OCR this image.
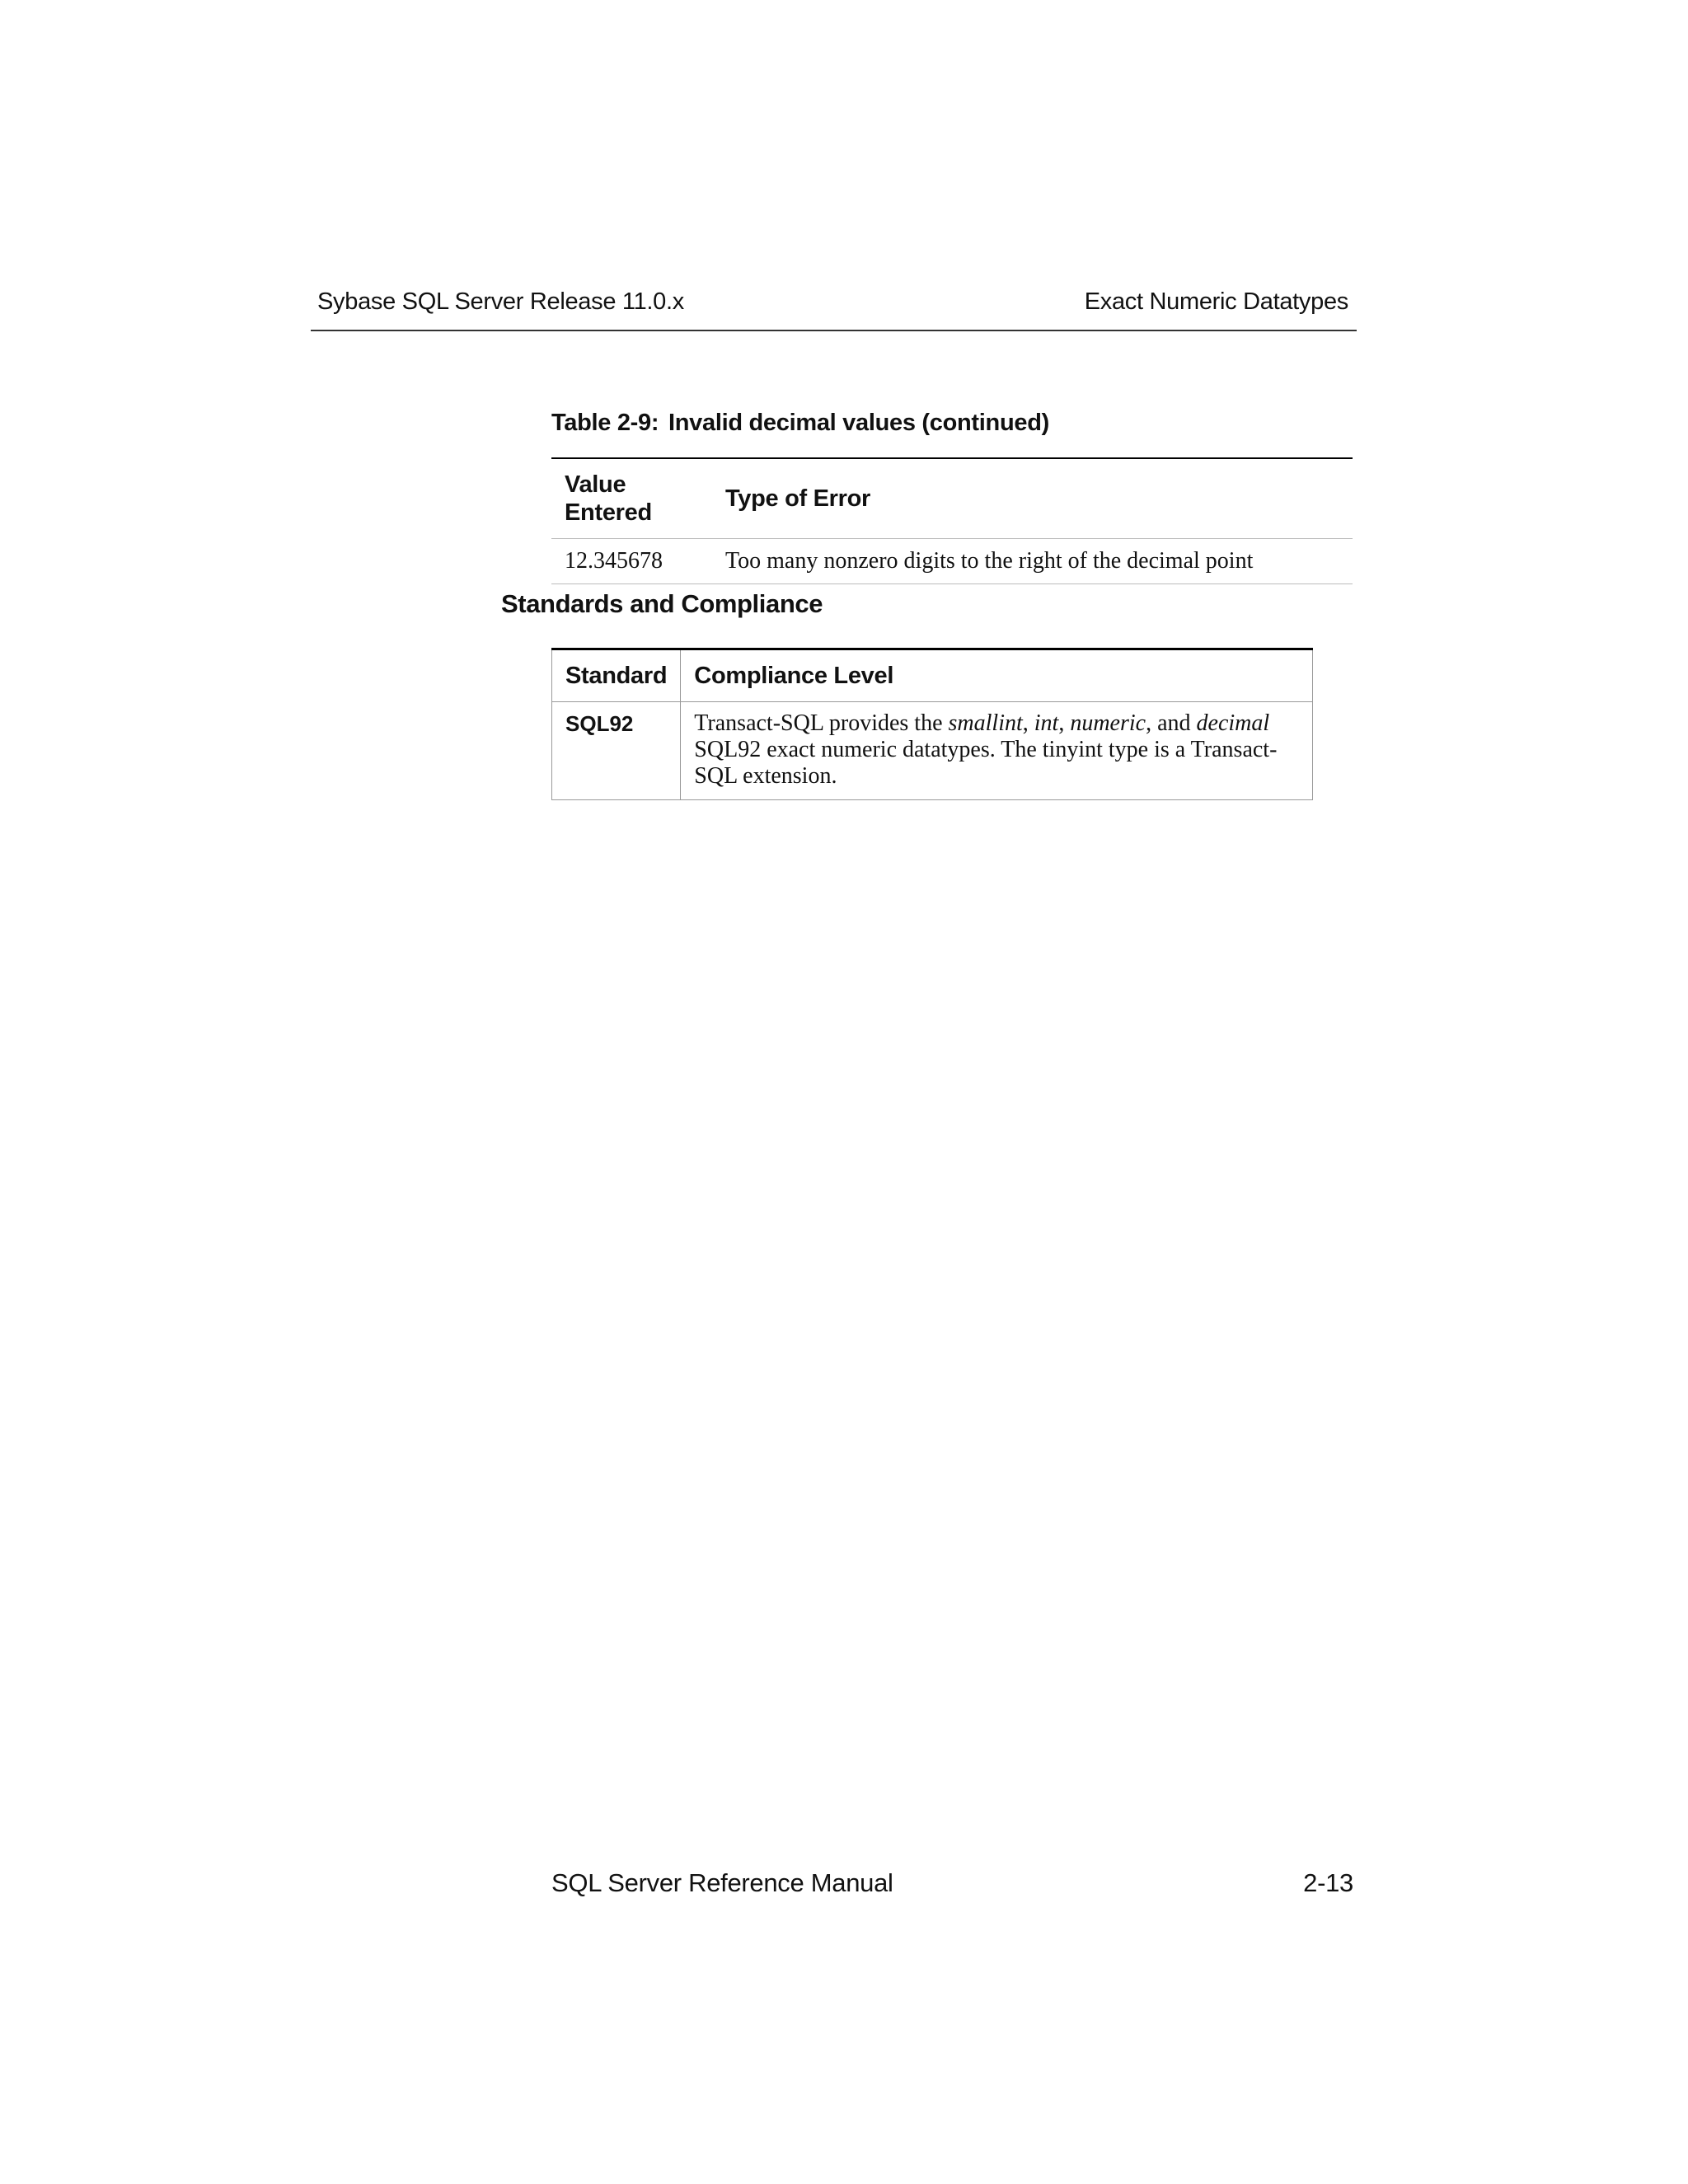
Sybase SQL Server Release 11.0.x	Exact Numeric Datatypes
Table 2-9: Invalid decimal values (continued)
Value Entered	Type of Error
12.345678	Too many nonzero digits to the right of the decimal point
Standards and Compliance
Standard	Compliance Level
SQL92	Transact-SQL provides the smallint, int, numeric, and decimal SQL92 exact numeric datatypes. The tinyint type is a Transact-SQL extension.
SQL Server Reference Manual	2-13
